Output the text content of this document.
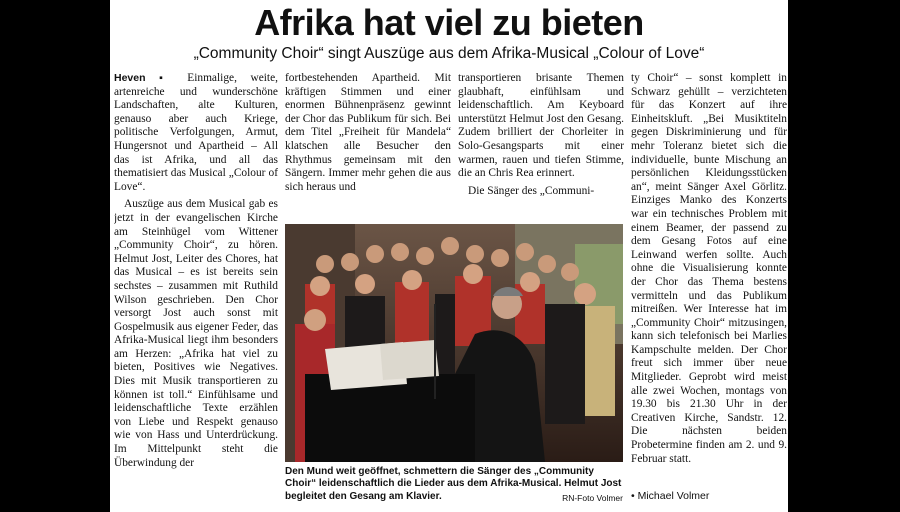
Afrika hat viel zu bieten
„Community Choir“ singt Auszüge aus dem Afrika-Musical „Colour of Love“

Heven ▪ Einmalige, weite, artenreiche und wunderschöne Landschaften, alte Kulturen, genauso aber auch Kriege, politische Verfolgungen, Armut, Hungersnot und Apartheid – All das ist Afrika, und all das thematisiert das Musical „Colour of Love“.

Auszüge aus dem Musical gab es jetzt in der evangelischen Kirche am Steinhügel vom Wittener „Community Choir“, zu hören. Helmut Jost, Leiter des Chores, hat das Musical – es ist bereits sein sechstes – zusammen mit Ruthild Wilson geschrieben. Den Chor versorgt Jost auch sonst mit Gospelmusik aus eigener Feder, das Afrika-Musical liegt ihm besonders am Herzen: „Afrika hat viel zu bieten, Positives wie Negatives. Dies mit Musik transportieren zu können ist toll.“ Einfühlsame und leidenschaftliche Texte erzählen von Liebe und Respekt genauso wie von Hass und Unterdrückung. Im Mittelpunkt steht die Überwindung der

fortbestehenden Apartheid. Mit kräftigen Stimmen und einer enormen Bühnenpräsenz gewinnt der Chor das Publikum für sich. Bei dem Titel „Freiheit für Mandela“ klatschen alle Besucher den Rhythmus gemeinsam mit den Sängern. Immer mehr gehen die aus sich heraus und

transportieren brisante Themen glaubhaft, einfühlsam und leidenschaftlich. Am Keyboard unterstützt Helmut Jost den Gesang. Zudem brilliert der Chorleiter in Solo-Gesangsparts mit einer warmen, rauen und tiefen Stimme, die an Chris Rea erinnert.

Die Sänger des „Communi-

ty Choir“ – sonst komplett in Schwarz gehüllt – verzichteten für das Konzert auf ihre Einheitskluft. „Bei Musiktiteln gegen Diskriminierung und für mehr Toleranz bietet sich die individuelle, bunte Mischung an persönlichen Kleidungsstücken an“, meint Sänger Axel Görlitz. Einziges Manko des Konzerts war ein technisches Problem mit einem Beamer, der passend zu dem Gesang Fotos auf eine Leinwand werfen sollte. Auch ohne die Visualisierung konnte der Chor das Thema bestens vermitteln und das Publikum mitreißen. Wer Interesse hat im „Community Choir“ mitzusingen, kann sich telefonisch bei Marlies Kampschulte melden. Der Chor freut sich immer über neue Mitglieder. Geprobt wird meist alle zwei Wochen, montags von 19.30 bis 21.30 Uhr in der Creativen Kirche, Sandstr. 12. Die nächsten beiden Probetermine finden am 2. und 9. Februar statt.

Den Mund weit geöffnet, schmettern die Sänger des „Community Choir“ leidenschaftlich die Lieder aus dem Afrika-Musical. Helmut Jost begleitet den Gesang am Klavier.	RN-Foto Volmer • Michael Volmer
